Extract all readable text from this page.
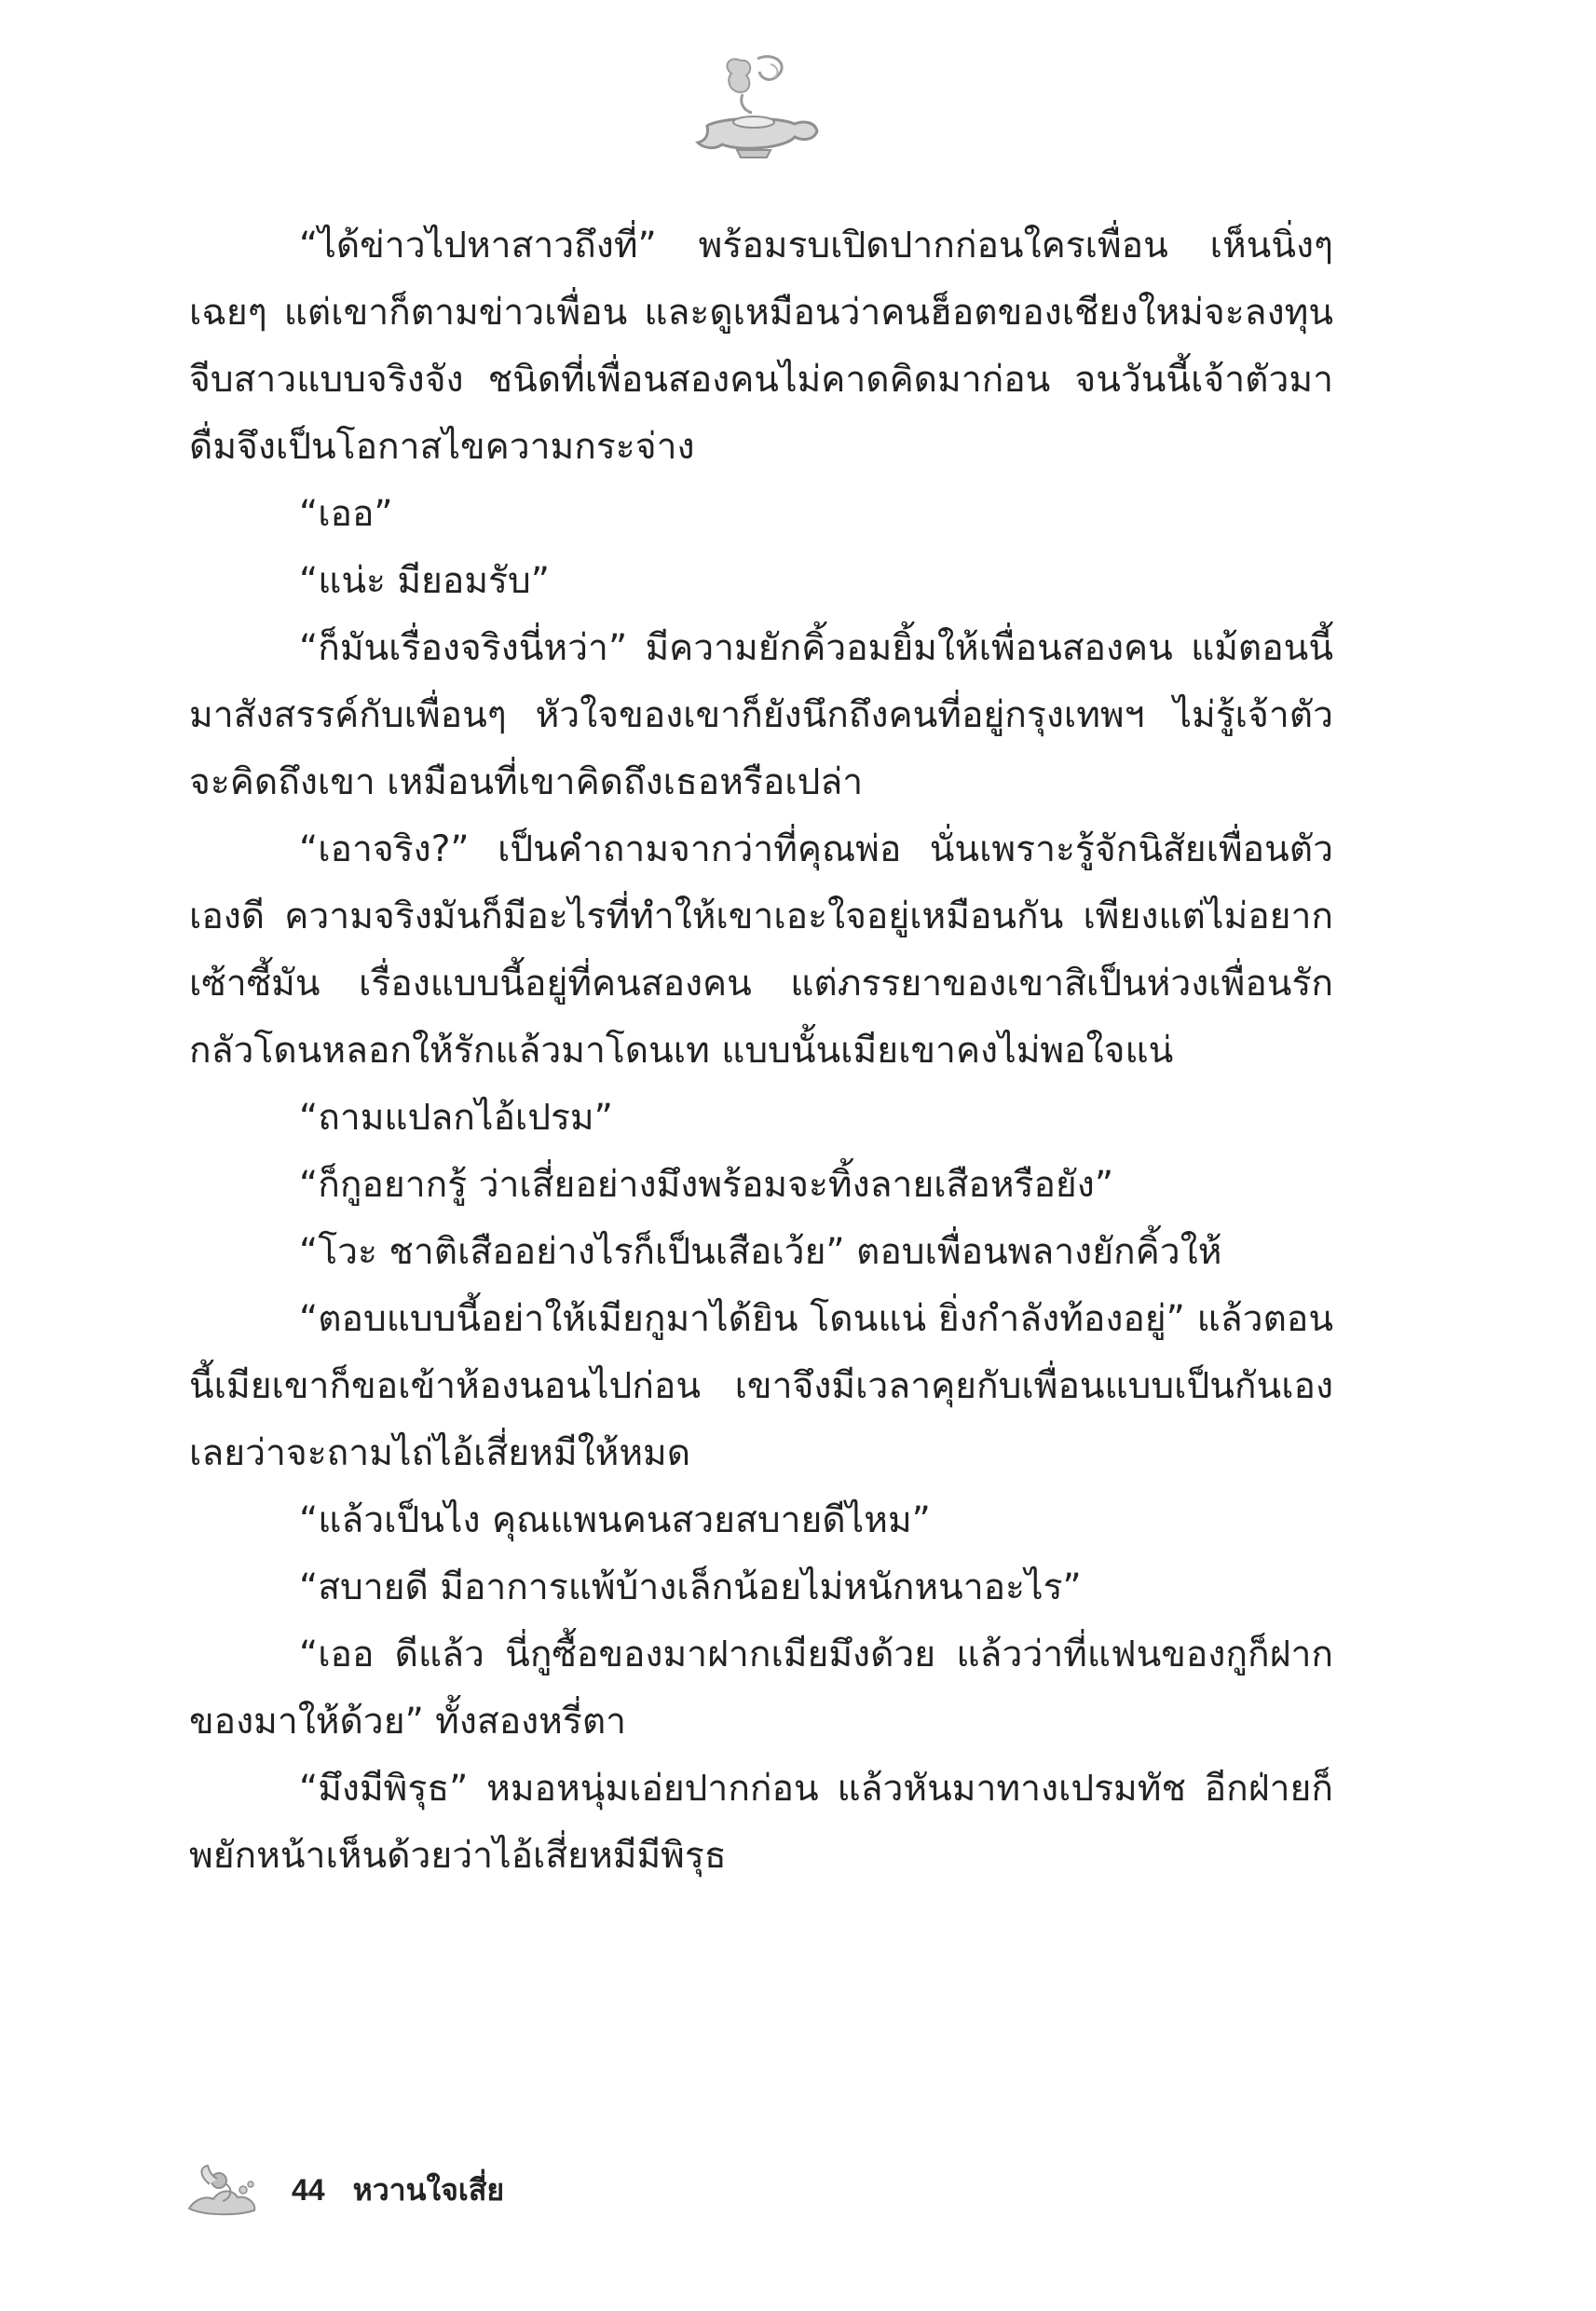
“ได้ข่าวไปหาสาวถึงที่” พร้อมรบเปิดปากก่อนใครเพื่อน เห็นนิ่งๆ เฉยๆ แต่เขาก็ตามข่าวเพื่อน และดูเหมือนว่าคนฮ็อตของเชียงใหม่จะลงทุนจีบสาวแบบจริงจัง ชนิดที่เพื่อนสองคนไม่คาดคิดมาก่อน จนวันนี้เจ้าตัวมาดื่มจึงเป็นโอกาสไขความกระจ่าง

“เออ”

“แน่ะ มียอมรับ”

“ก็มันเรื่องจริงนี่หว่า” มีความยักคิ้วอมยิ้มให้เพื่อนสองคน แม้ตอนนี้มาสังสรรค์กับเพื่อนๆ หัวใจของเขาก็ยังนึกถึงคนที่อยู่กรุงเทพฯ ไม่รู้เจ้าตัวจะคิดถึงเขา เหมือนที่เขาคิดถึงเธอหรือเปล่า

“เอาจริง?” เป็นคำถามจากว่าที่คุณพ่อ นั่นเพราะรู้จักนิสัยเพื่อนตัวเองดี ความจริงมันก็มีอะไรที่ทำให้เขาเอะใจอยู่เหมือนกัน เพียงแต่ไม่อยากเซ้าซี้มัน เรื่องแบบนี้อยู่ที่คนสองคน แต่ภรรยาของเขาสิเป็นห่วงเพื่อนรัก กลัวโดนหลอกให้รักแล้วมาโดนเท แบบนั้นเมียเขาคงไม่พอใจแน่

“ถามแปลกไอ้เปรม”

“ก็กูอยากรู้ ว่าเสี่ยอย่างมึงพร้อมจะทิ้งลายเสือหรือยัง”

“โวะ ชาติเสืออย่างไรก็เป็นเสือเว้ย” ตอบเพื่อนพลางยักคิ้วให้

“ตอบแบบนี้อย่าให้เมียกูมาได้ยิน โดนแน่ ยิ่งกำลังท้องอยู่” แล้วตอนนี้เมียเขาก็ขอเข้าห้องนอนไปก่อน เขาจึงมีเวลาคุยกับเพื่อนแบบเป็นกันเอง เลยว่าจะถามไถ่ไอ้เสี่ยหมีให้หมด

“แล้วเป็นไง คุณแพนคนสวยสบายดีไหม”

“สบายดี มีอาการแพ้บ้างเล็กน้อยไม่หนักหนาอะไร”

“เออ ดีแล้ว นี่กูซื้อของมาฝากเมียมึงด้วย แล้วว่าที่แฟนของกูก็ฝากของมาให้ด้วย” ทั้งสองหรี่ตา

“มึงมีพิรุธ” หมอหนุ่มเอ่ยปากก่อน แล้วหันมาทางเปรมทัช อีกฝ่ายก็พยักหน้าเห็นด้วยว่าไอ้เสี่ยหมีมีพิรุธ

44 หวานใจเสี่ย
